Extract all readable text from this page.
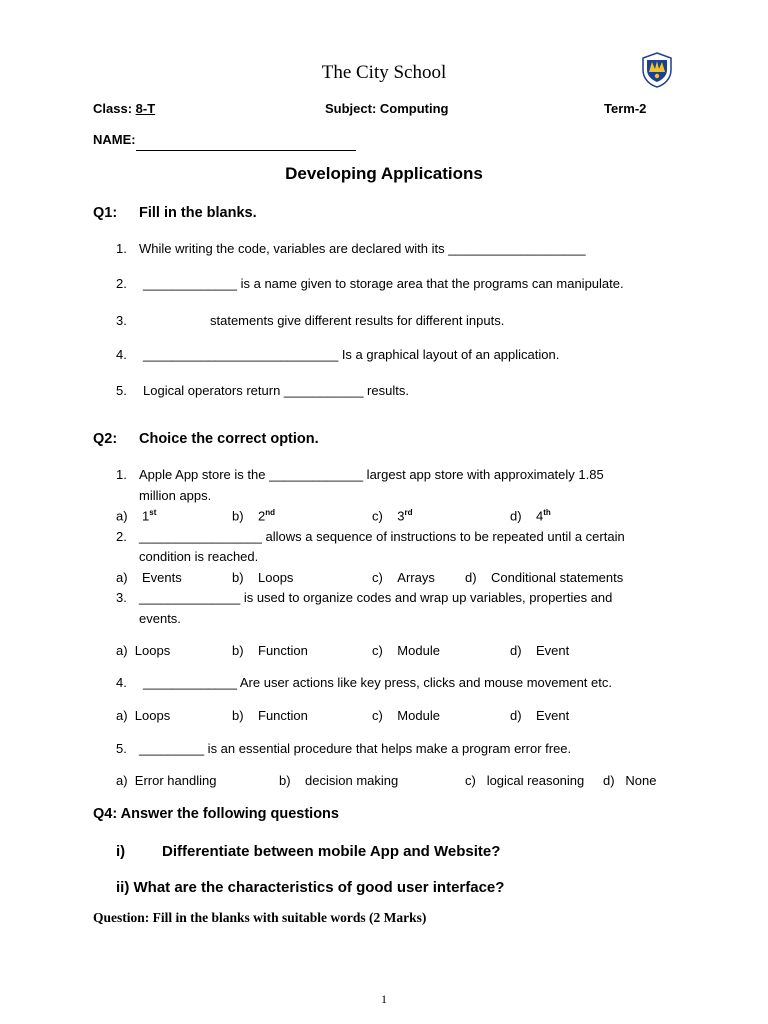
The City School
Class: 8-T	Subject: Computing	Term-2
NAME:
Developing Applications
Q1: Fill in the blanks.
1. While writing the code, variables are declared with its ___________________
2. _____________ is a name given to storage area that the programs can manipulate.
3.	statements give different results for different inputs.
4. ___________________________ Is a graphical layout of an application.
5. Logical operators return ___________ results.
Q2: Choice the correct option.
1. Apple App store is the _____________ largest app store with approximately 1.85
million apps.
a) 1st	b) 2nd	c) 3rd	d) 4th
2. _________________ allows a sequence of instructions to be repeated until a certain
condition is reached.
a) Events	b) Loops	c) Arrays d) Conditional statements
3. ______________ is used to organize codes and wrap up variables, properties and
events.
a) Loops	b) Function	c) Module	d) Event
4. _____________ Are user actions like key press, clicks and mouse movement etc.
a) Loops	b) Function	c) Module	d) Event
5. _________ is an essential procedure that helps make a program error free.
a) Error handling	b) decision making	c) logical reasoning d) None
Q4: Answer the following questions
i) Differentiate between mobile App and Website?
ii) What are the characteristics of good user interface?
Question: Fill in the blanks with suitable words (2 Marks)
1
